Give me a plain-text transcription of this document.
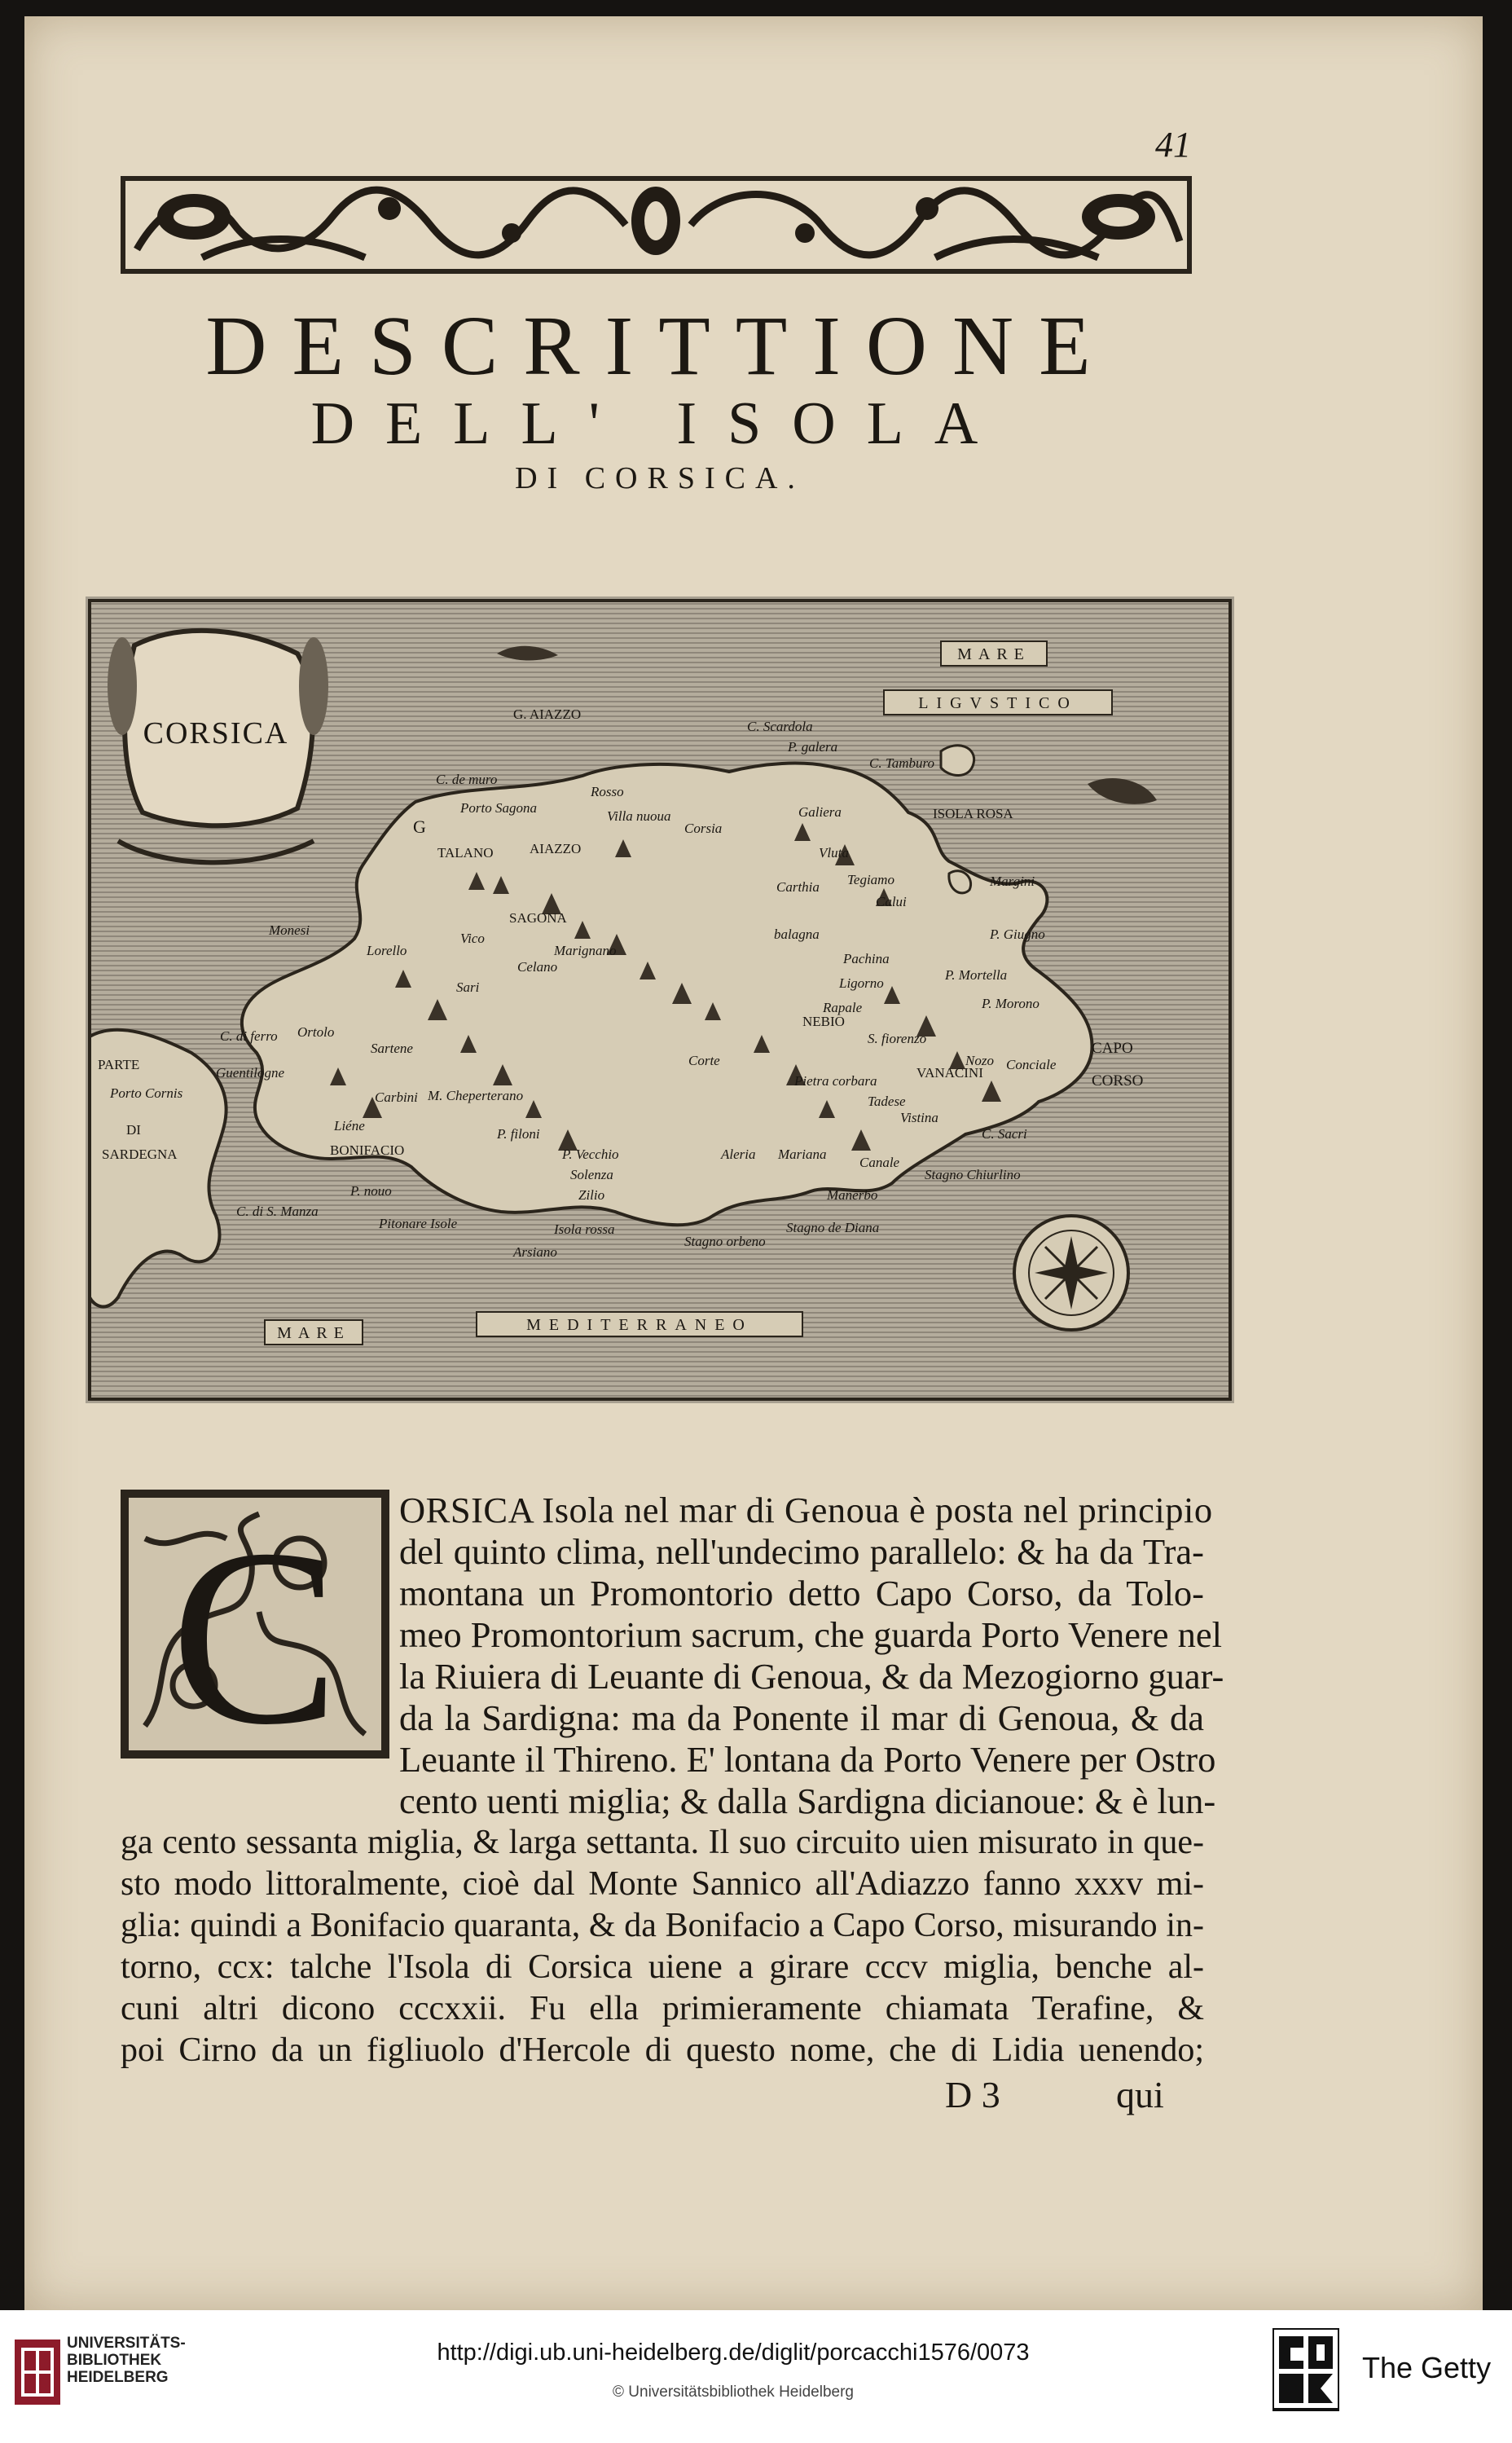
41
DESCRITTIONE
DELL' ISOLA
DI CORSICA.
CORSICA
MARE
LIGVSTICO
MARE	MEDITERRANEO
PARTE
Porto Cornis
DI
SARDEGNA
CAPO
CORSO
ISOLA ROSA
VANACINI
SAGONA
NEBIO
TALANO
G. AIAZZO
C. de muro
G
Porto Sagona
Rosso
Villa nuoua
AIAZZO
C. Scardola
P. galera
C. Tamburo
Corsia
Galiera
Vluta
Margini
P. Giugno
P. Mortella
P. Morono
Monesi
C. di ferro
Guentilogne
BONIFACIO
C. di S. Manza
P. nouo
Pitonare Isole
Arsiano
Isola rossa
Stagno orbeno
Stagno de Diana
Manerbo
Stagno Chiurlino
C. Sacri
S. fiorenzo
Corte
Aleria Mariana
Sartene
Ortolo
Liéne
Carbini M. Cheperterano
P. filoni
P. Vecchio
Solenza
Zilio
Canale
Pietra corbara
Marignano
Lorello
Sari
Vico
Celano
Tegiamo
Calui
Carthia
balagna
Pachina
Ligorno
Rapale
Nozo Conciale
Tadese
Vistina
C ORSICA Isola nel mar di Genoua è posta nel principio
del quinto clima, nell'undecimo parallelo: & ha da Tra-
montana un Promontorio detto Capo Corso, da Tolo-
meo Promontorium sacrum, che guarda Porto Venere nel
la Riuiera di Leuante di Genoua, & da Mezogiorno guar-
da la Sardigna: ma da Ponente il mar di Genoua, & da
Leuante il Thireno. E' lontana da Porto Venere per Ostro
cento uenti miglia; & dalla Sardigna dicianoue: & è lun-
ga cento sessanta miglia, & larga settanta. Il suo circuito uien misurato in que-
sto modo littoralmente, cioè dal Monte Sannico all'Adiazzo fanno xxxv mi-
glia: quindi a Bonifacio quaranta, & da Bonifacio a Capo Corso, misurando in-
torno, ccx: talche l'Isola di Corsica uiene a girare cccv miglia, benche al-
cuni altri dicono cccxxii. Fu ella primieramente chiamata Terafine, &
poi Cirno da un figliuolo d'Hercole di questo nome, che di Lidia uenendo;
D 3	qui
UNIVERSITÄTS-
BIBLIOTHEK
HEIDELBERG
http://digi.ub.uni-heidelberg.de/diglit/porcacchi1576/0073
© Universitätsbibliothek Heidelberg
The Getty
